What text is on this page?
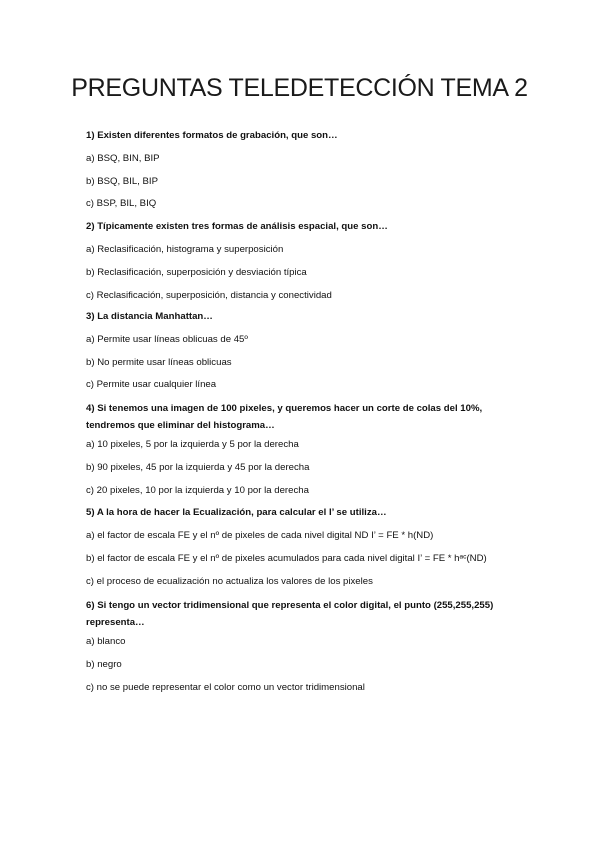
PREGUNTAS TELEDETECCIÓN TEMA 2
1) Existen diferentes formatos de grabación, que son…
a) BSQ, BIN, BIP
b) BSQ, BIL, BIP
c) BSP, BIL, BIQ
2) Típicamente existen tres formas de análisis espacial, que son…
a) Reclasificación, histograma y superposición
b) Reclasificación, superposición y desviación típica
c) Reclasificación, superposición, distancia y conectividad
3) La distancia Manhattan…
a) Permite usar líneas oblicuas de 45º
b) No permite usar líneas oblicuas
c) Permite usar cualquier línea
4) Si tenemos una imagen de 100 pixeles, y queremos hacer un corte de colas del 10%, tendremos que eliminar del histograma…
a) 10 pixeles, 5 por la izquierda y 5 por la derecha
b) 90 pixeles, 45 por la izquierda y 45 por la derecha
c) 20 pixeles, 10 por la izquierda y 10 por la derecha
5) A la hora de hacer la Ecualización, para calcular el I’ se utiliza…
a) el factor de escala FE y el nº de pixeles de cada nivel digital ND I’ = FE * h(ND)
b) el factor de escala FE y el nº de pixeles acumulados para cada nivel digital I’ = FE * hᵃᶜ(ND)
c) el proceso de ecualización no actualiza los valores de los pixeles
6) Si tengo un vector tridimensional que representa el color digital, el punto (255,255,255) representa…
a) blanco
b) negro
c) no se puede representar el color como un vector tridimensional
